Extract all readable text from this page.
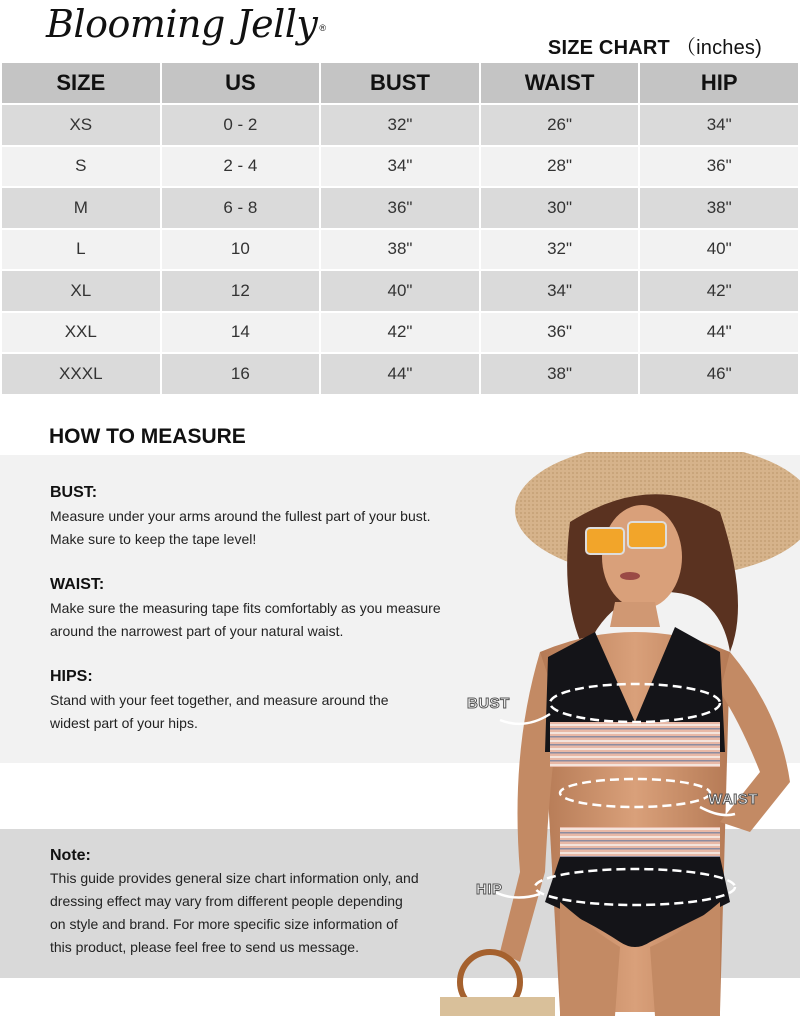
Blooming Jelly ®
SIZE CHART （inches)
SIZE	US	BUST	WAIST	HIP
XS	0 - 2	32"	26"	34"
S	2 - 4	34"	28"	36"
M	6 - 8	36"	30"	38"
L	10	38"	32"	40"
XL	12	40"	34"	42"
XXL	14	42"	36"	44"
XXXL	16	44"	38"	46"
HOW TO MEASURE
BUST:

Measure under your arms around the fullest part of your bust.

Make sure to keep the tape level!

WAIST:

Make sure the measuring tape fits comfortably as you measure

around the narrowest part of your natural waist.

HIPS:

Stand with your feet together, and measure around the

widest part of your hips.

Note:

This guide provides general size chart information only, and

dressing effect may vary from different people depending

on style and brand. For more specific size information of

this product, please feel free to send us message.

BUST
WAIST
HIP
